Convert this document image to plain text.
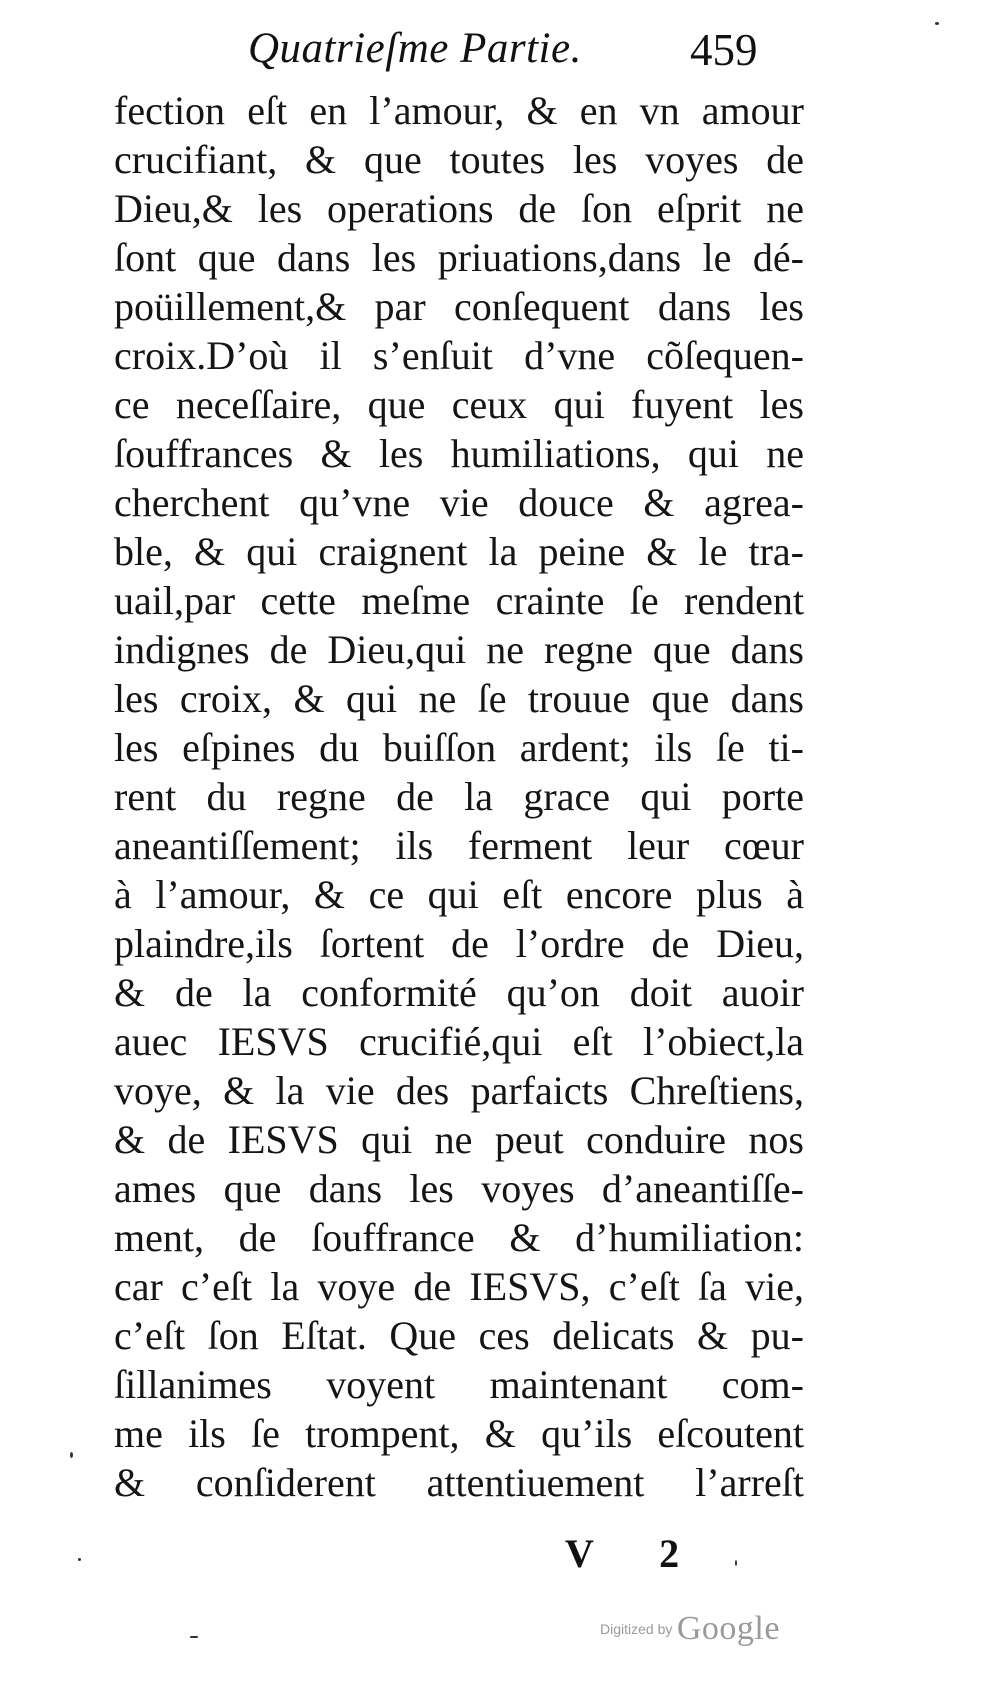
Quatrieſme Partie. 459
fection eſt en l’amour, & en vn amour
crucifiant, & que toutes les voyes de
Dieu,& les operations de ſon eſprit ne
ſont que dans les priuations,dans le dé-
poüillement,& par conſequent dans les
croix.D’où il s’enſuit d’vne cõſequen-
ce neceſſaire, que ceux qui fuyent les
ſouffrances & les humiliations, qui ne
cherchent qu’vne vie douce & agrea-
ble, & qui craignent la peine & le tra-
uail,par cette meſme crainte ſe rendent
indignes de Dieu,qui ne regne que dans
les croix, & qui ne ſe trouue que dans
les eſpines du buiſſon ardent; ils ſe ti-
rent du regne de la grace qui porte
aneantiſſement; ils ferment leur cœur
à l’amour, & ce qui eſt encore plus à
plaindre,ils ſortent de l’ordre de Dieu,
& de la conformité qu’on doit auoir
auec IESVS crucifié,qui eſt l’obiect,la
voye, & la vie des parfaicts Chreſtiens,
& de IESVS qui ne peut conduire nos
ames que dans les voyes d’aneantiſſe-
ment, de ſouffrance & d’humiliation:
car c’eſt la voye de IESVS, c’eſt ſa vie,
c’eſt ſon Eſtat. Que ces delicats & pu-
ſillanimes voyent maintenant com-
me ils ſe trompent, & qu’ils eſcoutent
& conſiderent attentiuement l’arreſt
V 2
Digitized by Google
